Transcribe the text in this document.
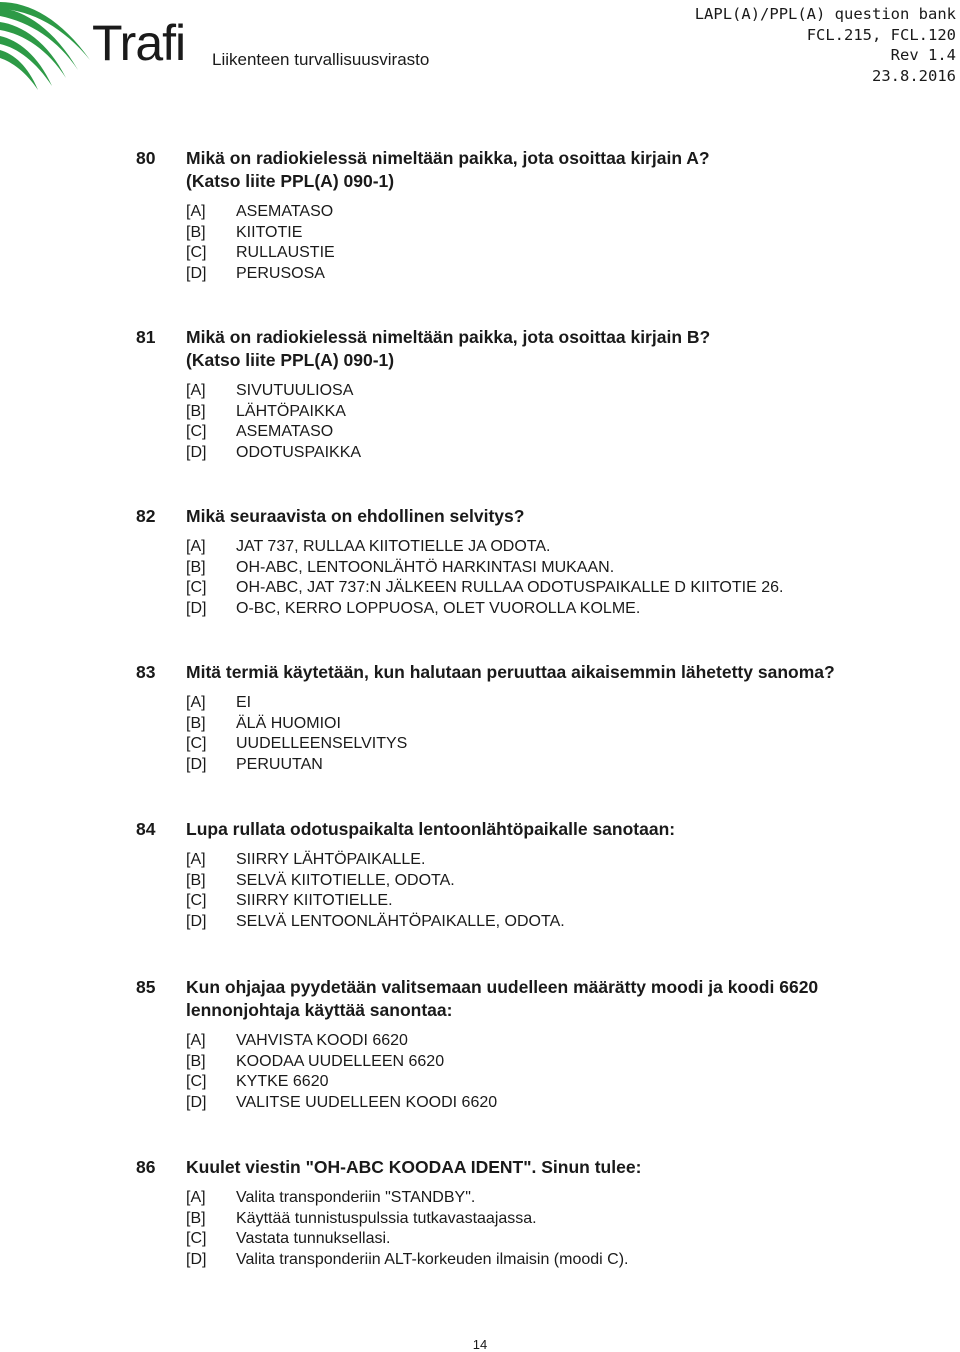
Trafi Liikenteen turvallisuusvirasto
LAPL(A)/PPL(A) question bank
FCL.215, FCL.120
Rev 1.4
23.8.2016
80	Mikä on radiokielessä nimeltään paikka, jota osoittaa kirjain A?
(Katso liite PPL(A) 090-1)
[A]	ASEMATASO
[B]	KIITOTIE
[C]	RULLAUSTIE
[D]	PERUSOSA
81	Mikä on radiokielessä nimeltään paikka, jota osoittaa kirjain B?
(Katso liite PPL(A) 090-1)
[A]	SIVUTUULIOSA
[B]	LÄHTÖPAIKKA
[C]	ASEMATASO
[D]	ODOTUSPAIKKA
82	Mikä seuraavista on ehdollinen selvitys?
[A]	JAT 737, RULLAA KIITOTIELLE JA ODOTA.
[B]	OH-ABC, LENTOONLÄHTÖ HARKINTASI MUKAAN.
[C]	OH-ABC, JAT 737:N JÄLKEEN RULLAA ODOTUSPAIKALLE D KIITOTIE 26.
[D]	O-BC, KERRO LOPPUOSA, OLET VUOROLLA KOLME.
83	Mitä termiä käytetään, kun halutaan peruuttaa aikaisemmin lähetetty sanoma?
[A]	EI
[B]	ÄLÄ HUOMIOI
[C]	UUDELLEENSELVITYS
[D]	PERUUTAN
84	Lupa rullata odotuspaikalta lentoonlähtöpaikalle sanotaan:
[A]	SIIRRY LÄHTÖPAIKALLE.
[B]	SELVÄ KIITOTIELLE, ODOTA.
[C]	SIIRRY KIITOTIELLE.
[D]	SELVÄ LENTOONLÄHTÖPAIKALLE, ODOTA.
85	Kun ohjajaa pyydetään valitsemaan uudelleen määrätty moodi ja koodi 6620
lennonjohtaja käyttää sanontaa:
[A]	VAHVISTA KOODI 6620
[B]	KOODAA UUDELLEEN 6620
[C]	KYTKE 6620
[D]	VALITSE UUDELLEEN KOODI 6620
86	Kuulet viestin "OH-ABC KOODAA IDENT". Sinun tulee:
[A]	Valita transponderiin "STANDBY".
[B]	Käyttää tunnistuspulssia tutkavastaajassa.
[C]	Vastata tunnuksellasi.
[D]	Valita transponderiin ALT-korkeuden ilmaisin (moodi C).
14
